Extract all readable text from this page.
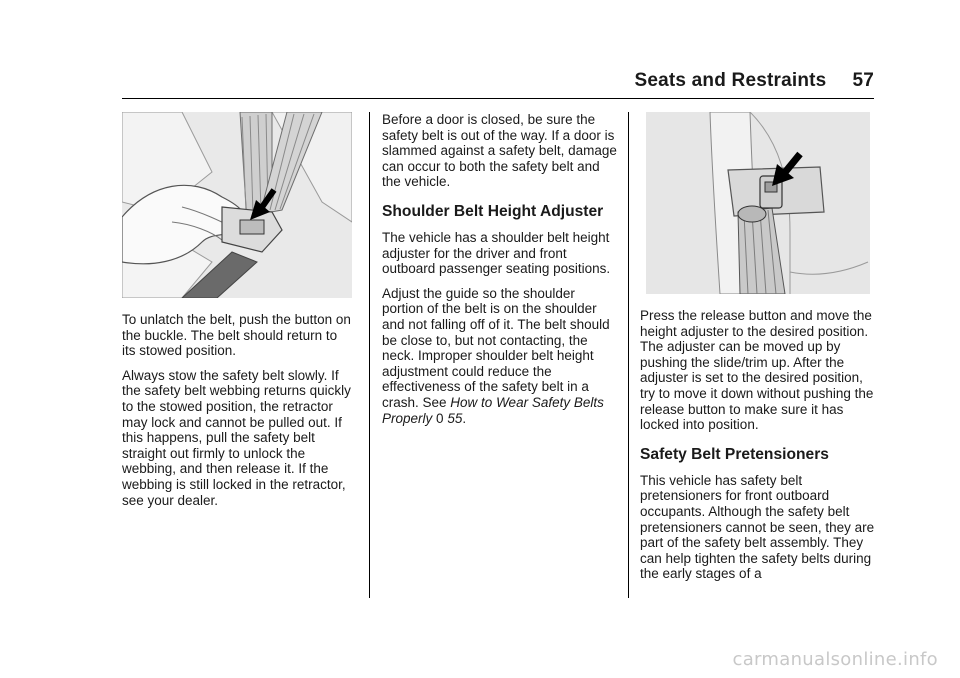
Seats and Restraints 57

To unlatch the belt, push the button on the buckle. The belt should return to its stowed position.

Always stow the safety belt slowly. If the safety belt webbing returns quickly to the stowed position, the retractor may lock and cannot be pulled out. If this happens, pull the safety belt straight out firmly to unlock the webbing, and then release it. If the webbing is still locked in the retractor, see your dealer.

Before a door is closed, be sure the safety belt is out of the way. If a door is slammed against a safety belt, damage can occur to both the safety belt and the vehicle.

Shoulder Belt Height Adjuster

The vehicle has a shoulder belt height adjuster for the driver and front outboard passenger seating positions.

Adjust the guide so the shoulder portion of the belt is on the shoulder and not falling off of it. The belt should be close to, but not contacting, the neck. Improper shoulder belt height adjustment could reduce the effectiveness of the safety belt in a crash. See How to Wear Safety Belts Properly 0 55.

Press the release button and move the height adjuster to the desired position. The adjuster can be moved up by pushing the slide/trim up. After the adjuster is set to the desired position, try to move it down without pushing the release button to make sure it has locked into position.

Safety Belt Pretensioners

This vehicle has safety belt pretensioners for front outboard occupants. Although the safety belt pretensioners cannot be seen, they are part of the safety belt assembly. They can help tighten the safety belts during the early stages of a

carmanualsonline.info
